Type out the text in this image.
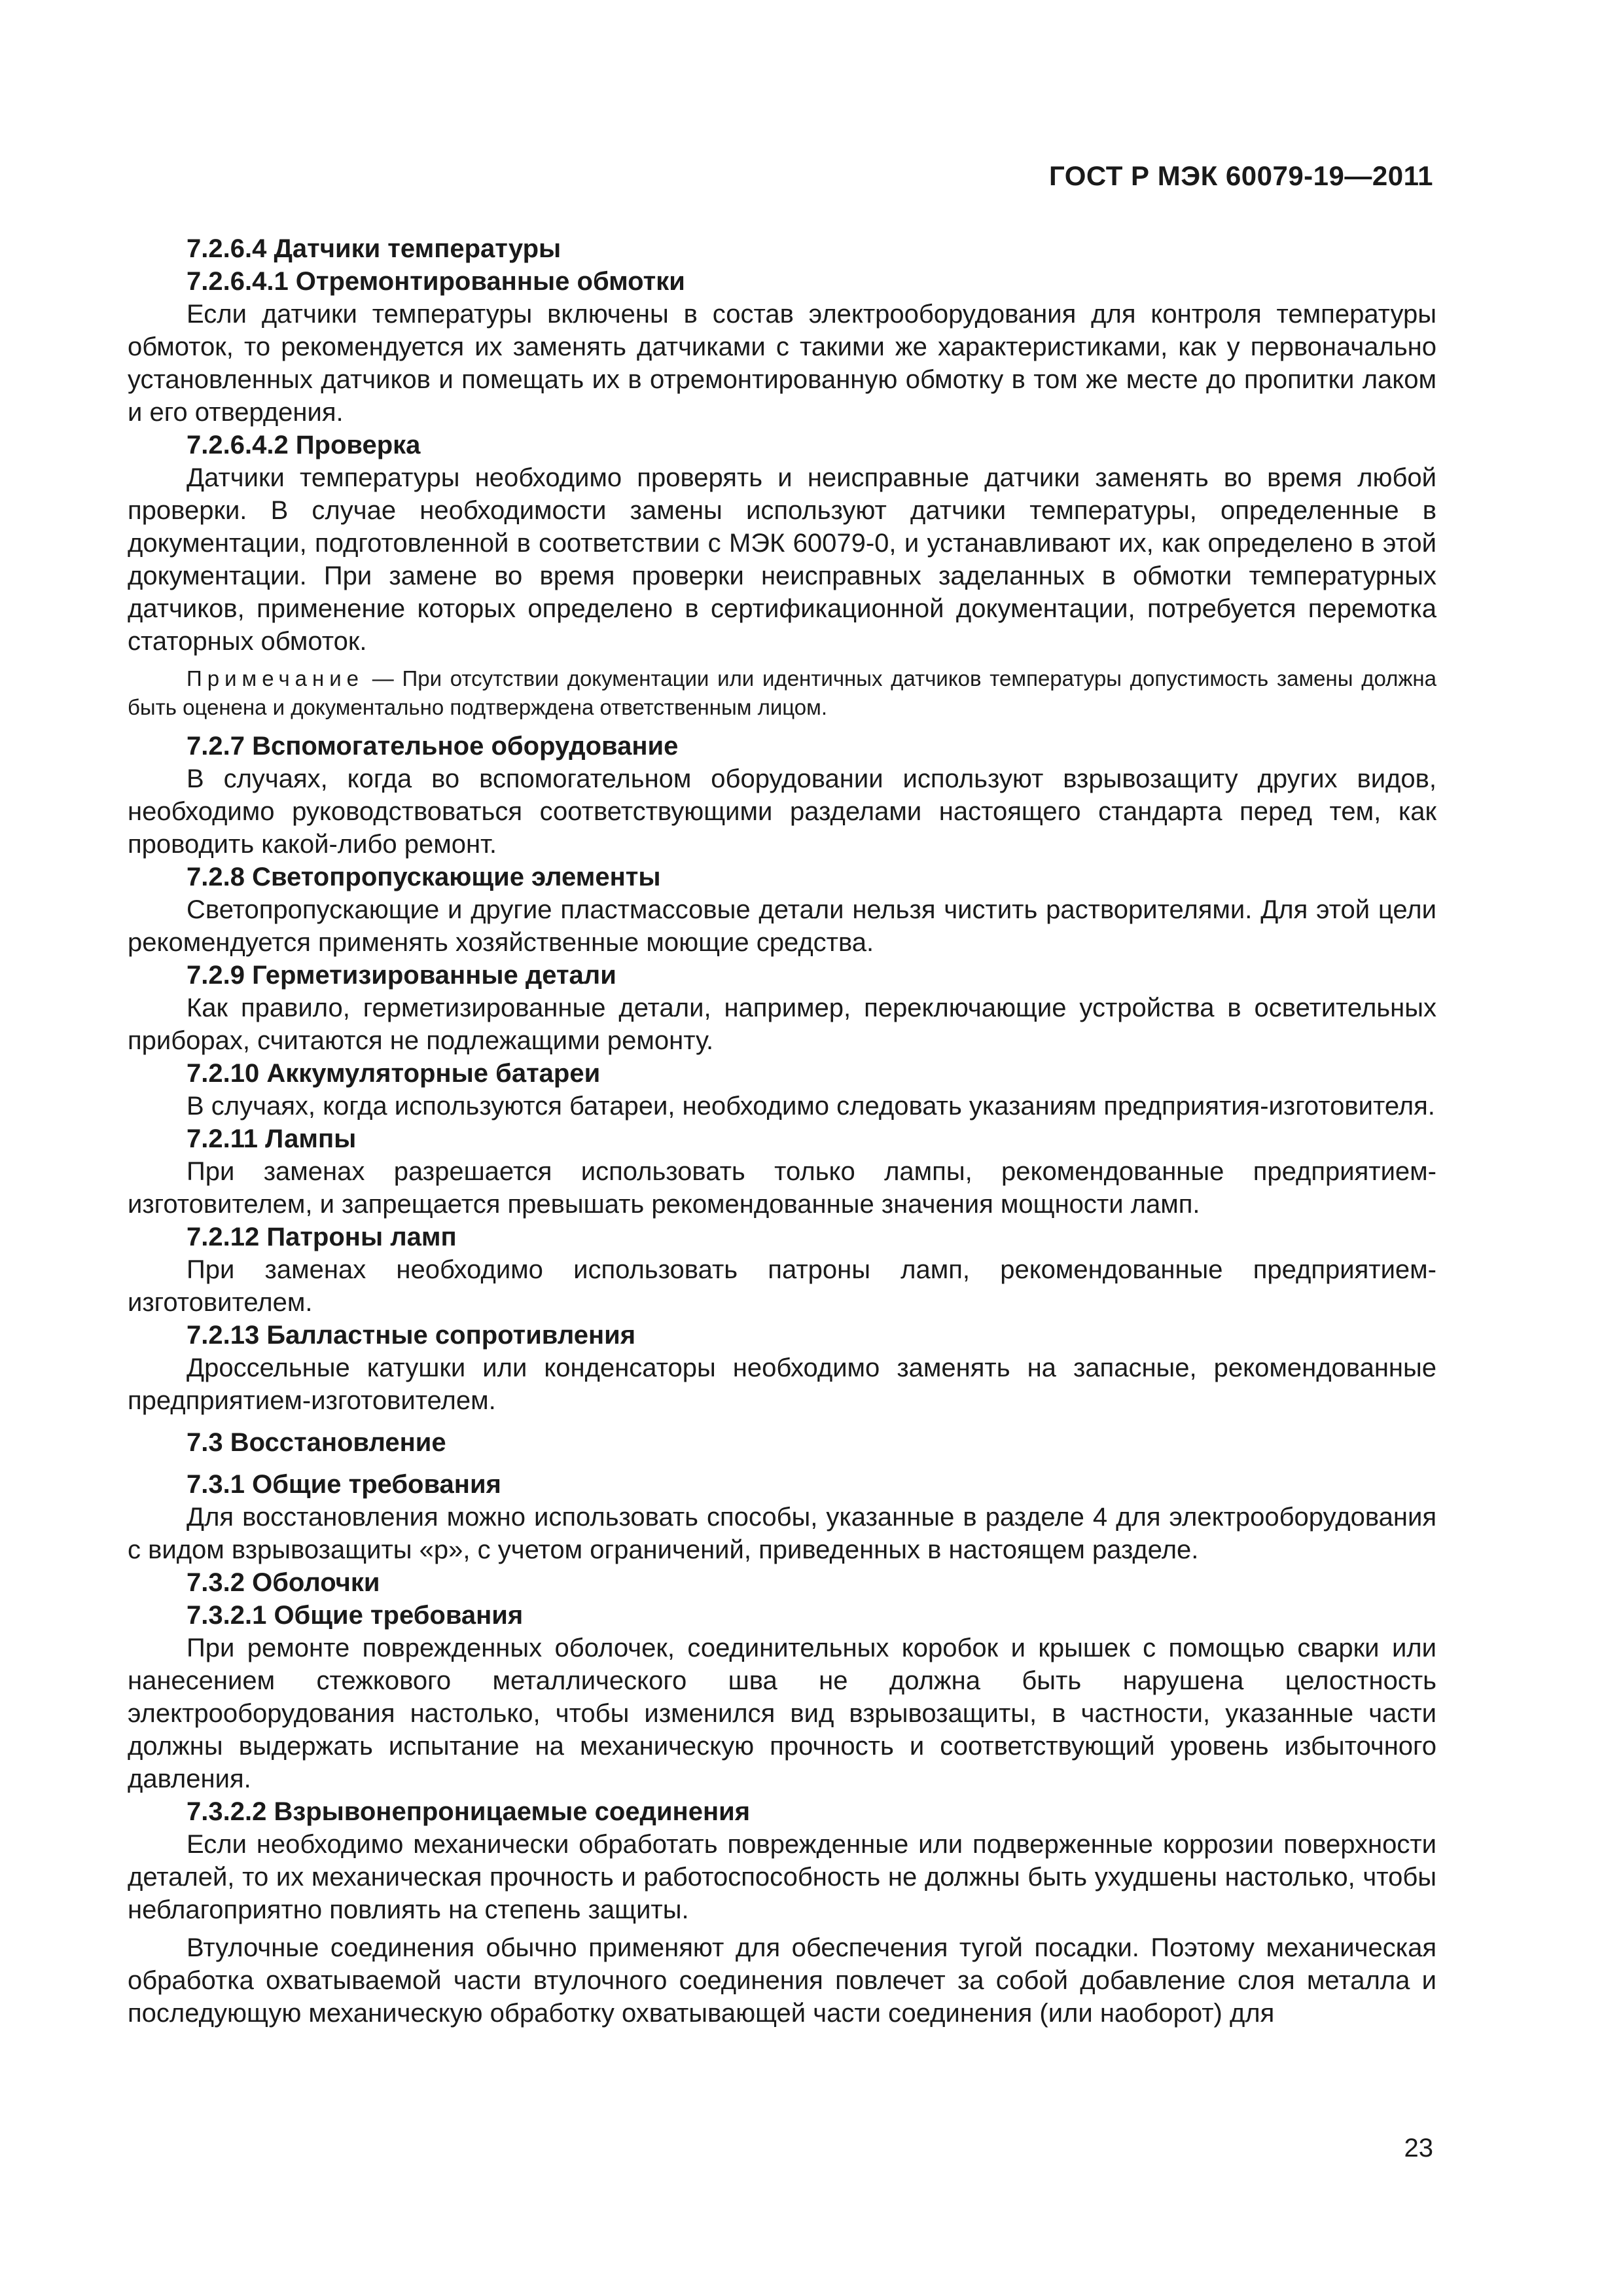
ГОСТ Р МЭК 60079-19—2011
7.2.6.4 Датчики температуры
7.2.6.4.1 Отремонтированные обмотки
Если датчики температуры включены в состав электрооборудования для контроля температуры обмоток, то рекомендуется их заменять датчиками с такими же характеристиками, как у первоначально установленных датчиков и помещать их в отремонтированную обмотку в том же месте до пропитки лаком и его отвердения.
7.2.6.4.2 Проверка
Датчики температуры необходимо проверять и неисправные датчики заменять во время любой проверки. В случае необходимости замены используют датчики температуры, определенные в документации, подготовленной в соответствии с МЭК 60079-0, и устанавливают их, как определено в этой документации. При замене во время проверки неисправных заделанных в обмотки температурных датчиков, применение которых определено в сертификационной документации, потребуется перемотка статорных обмоток.
Примечание — При отсутствии документации или идентичных датчиков температуры допустимость замены должна быть оценена и документально подтверждена ответственным лицом.
7.2.7 Вспомогательное оборудование
В случаях, когда во вспомогательном оборудовании используют взрывозащиту других видов, необходимо руководствоваться соответствующими разделами настоящего стандарта перед тем, как проводить какой-либо ремонт.
7.2.8 Светопропускающие элементы
Светопропускающие и другие пластмассовые детали нельзя чистить растворителями. Для этой цели рекомендуется применять хозяйственные моющие средства.
7.2.9 Герметизированные детали
Как правило, герметизированные детали, например, переключающие устройства в осветительных приборах, считаются не подлежащими ремонту.
7.2.10 Аккумуляторные батареи
В случаях, когда используются батареи, необходимо следовать указаниям предприятия-изготовителя.
7.2.11 Лампы
При заменах разрешается использовать только лампы, рекомендованные предприятием-изготовителем, и запрещается превышать рекомендованные значения мощности ламп.
7.2.12 Патроны ламп
При заменах необходимо использовать патроны ламп, рекомендованные предприятием-изготовителем.
7.2.13 Балластные сопротивления
Дроссельные катушки или конденсаторы необходимо заменять на запасные, рекомендованные предприятием-изготовителем.
7.3 Восстановление
7.3.1 Общие требования
Для восстановления можно использовать способы, указанные в разделе 4 для электрооборудования с видом взрывозащиты «p», с учетом ограничений, приведенных в настоящем разделе.
7.3.2 Оболочки
7.3.2.1 Общие требования
При ремонте поврежденных оболочек, соединительных коробок и крышек с помощью сварки или нанесением стежкового металлического шва не должна быть нарушена целостность электрооборудования настолько, чтобы изменился вид взрывозащиты, в частности, указанные части должны выдержать испытание на механическую прочность и соответствующий уровень избыточного давления.
7.3.2.2 Взрывонепроницаемые соединения
Если необходимо механически обработать поврежденные или подверженные коррозии поверхности деталей, то их механическая прочность и работоспособность не должны быть ухудшены настолько, чтобы неблагоприятно повлиять на степень защиты.
Втулочные соединения обычно применяют для обеспечения тугой посадки. Поэтому механическая обработка охватываемой части втулочного соединения повлечет за собой добавление слоя металла и последующую механическую обработку охватывающей части соединения (или наоборот) для
23
